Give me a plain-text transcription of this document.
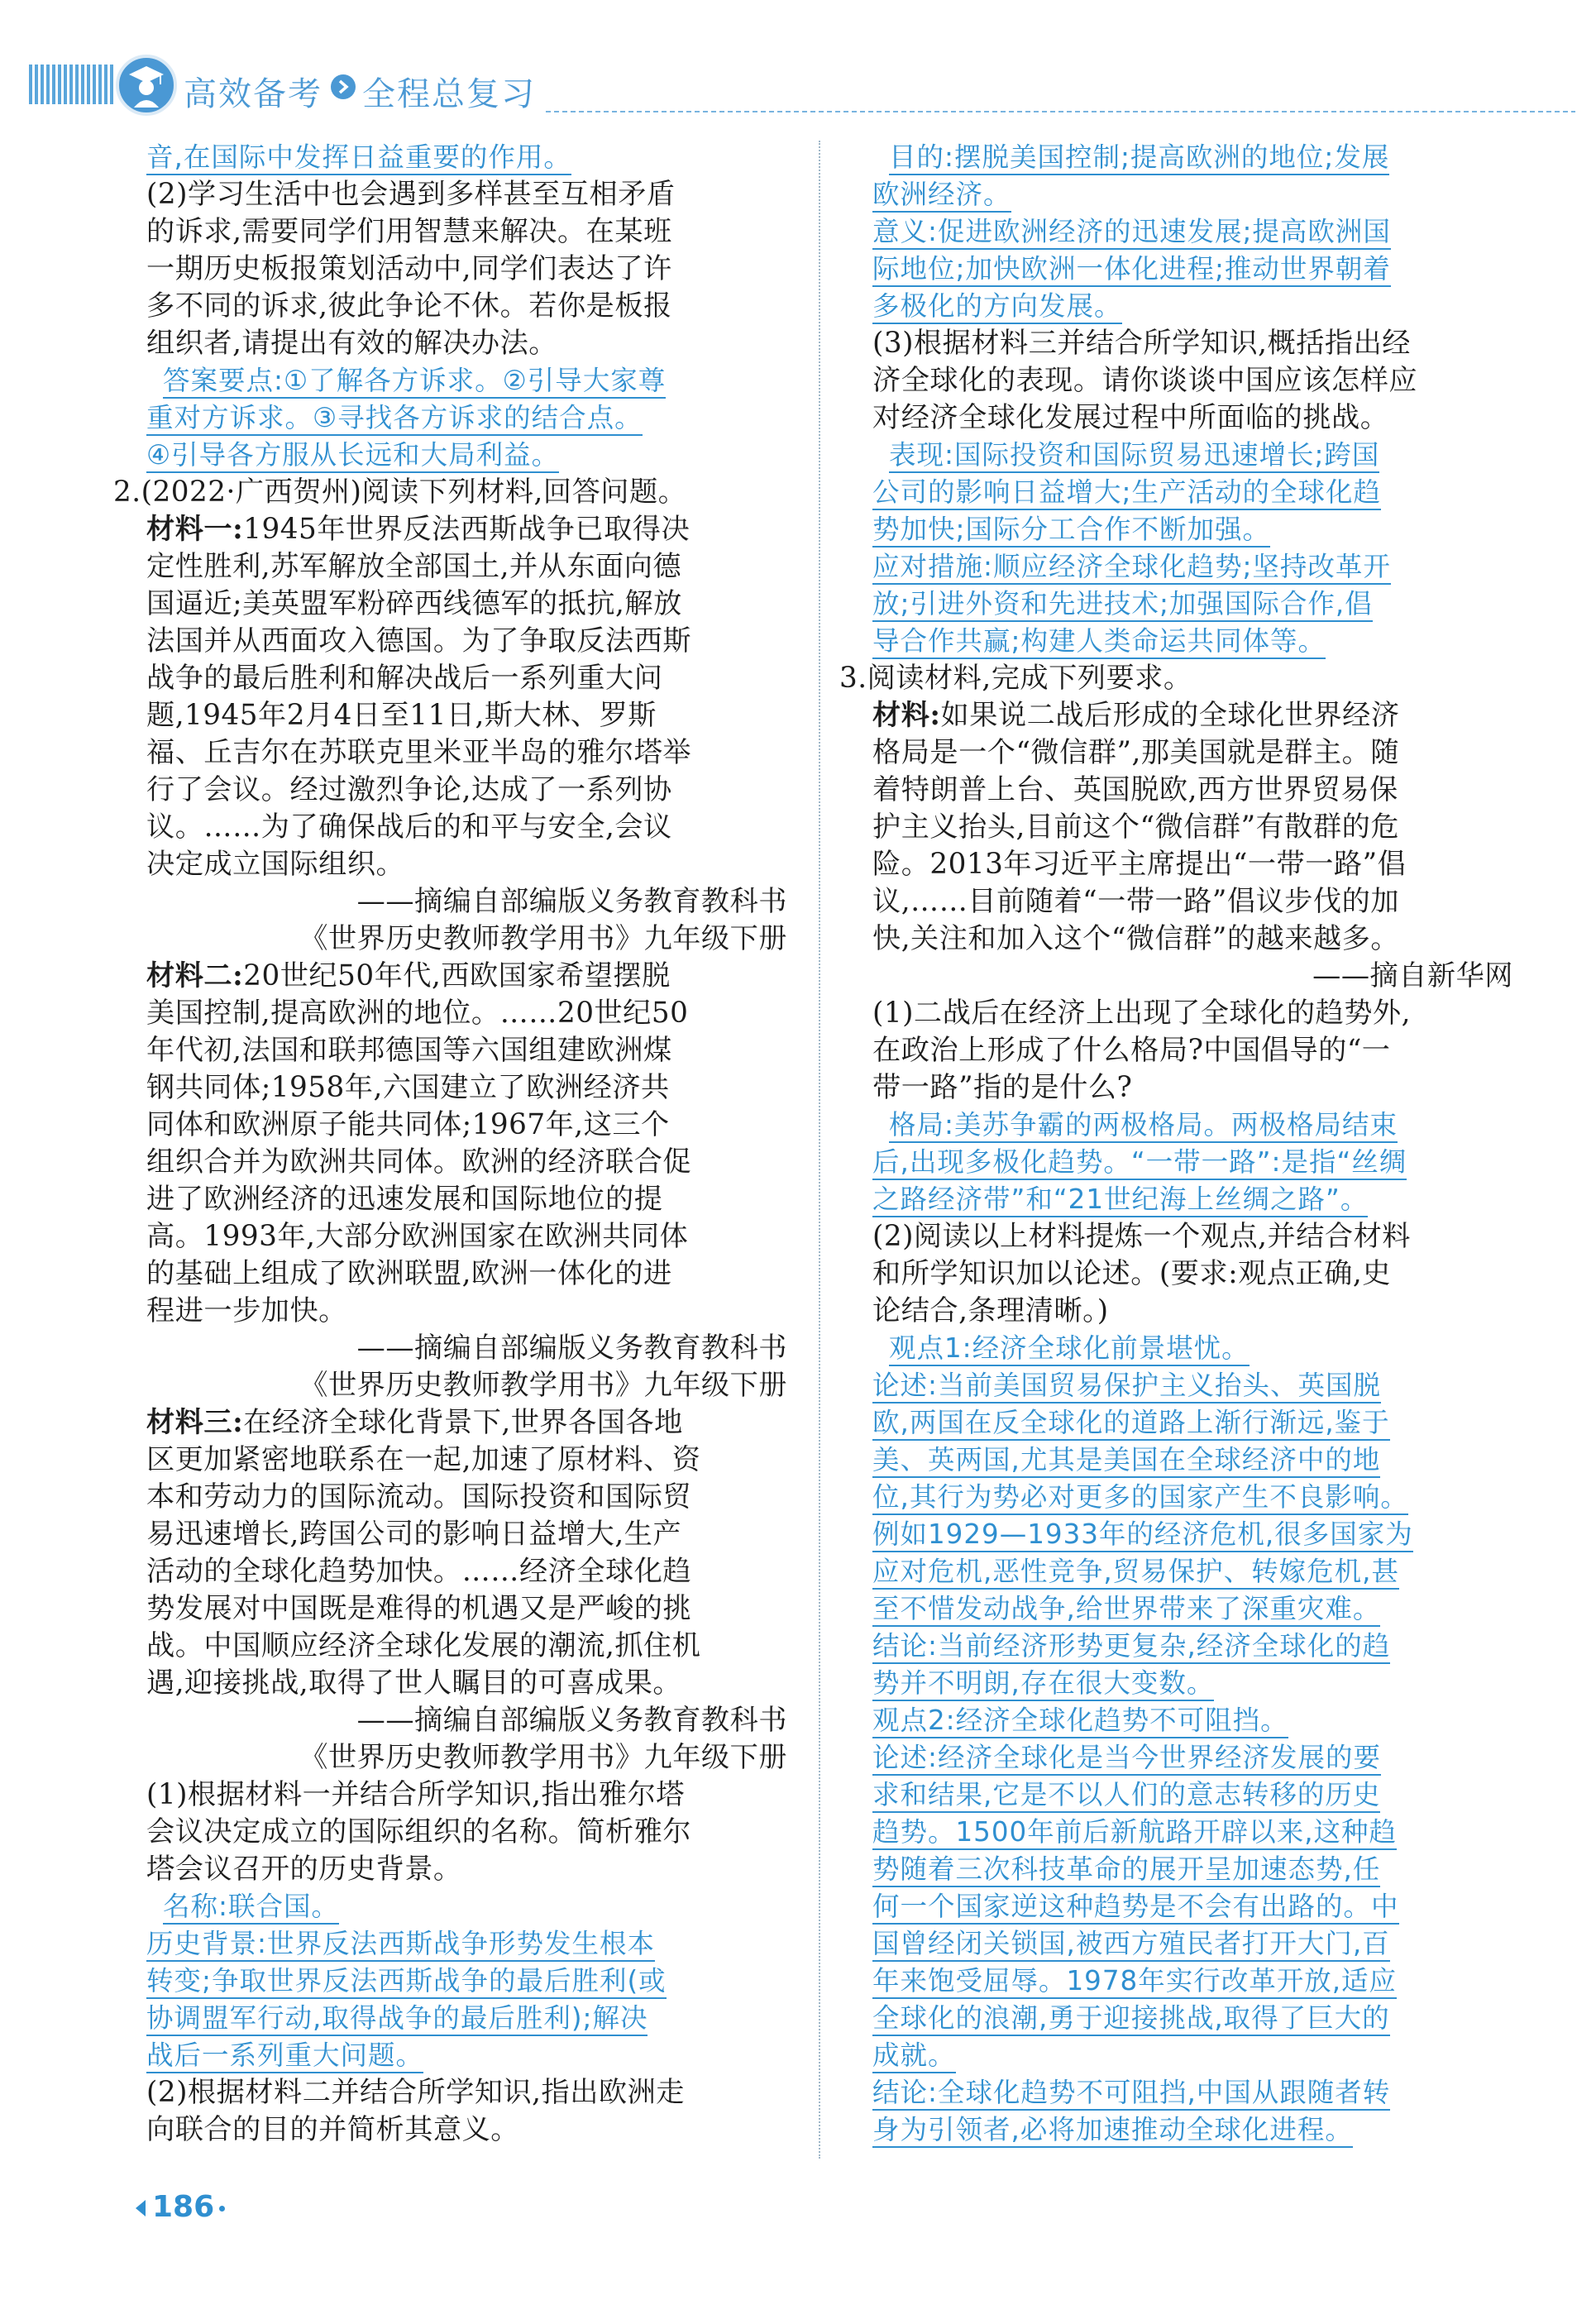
高效备考 全程总复习

音,在国际中发挥日益重要的作用。

(2)学习生活中也会遇到多样甚至互相矛盾

的诉求,需要同学们用智慧来解决。在某班

一期历史板报策划活动中,同学们表达了许

多不同的诉求,彼此争论不休。若你是板报

组织者,请提出有效的解决办法。

答案要点:①了解各方诉求。②引导大家尊

重对方诉求。③寻找各方诉求的结合点。

④引导各方服从长远和大局利益。

2.(2022·广西贺州)阅读下列材料,回答问题。

材料一:1945年世界反法西斯战争已取得决

定性胜利,苏军解放全部国土,并从东面向德

国逼近;美英盟军粉碎西线德军的抵抗,解放

法国并从西面攻入德国。为了争取反法西斯

战争的最后胜利和解决战后一系列重大问

题,1945年2月4日至11日,斯大林、罗斯

福、丘吉尔在苏联克里米亚半岛的雅尔塔举

行了会议。经过激烈争论,达成了一系列协

议。……为了确保战后的和平与安全,会议

决定成立国际组织。

——摘编自部编版义务教育教科书

《世界历史教师教学用书》九年级下册

材料二:20世纪50年代,西欧国家希望摆脱

美国控制,提高欧洲的地位。……20世纪50

年代初,法国和联邦德国等六国组建欧洲煤

钢共同体;1958年,六国建立了欧洲经济共

同体和欧洲原子能共同体;1967年,这三个

组织合并为欧洲共同体。欧洲的经济联合促

进了欧洲经济的迅速发展和国际地位的提

高。1993年,大部分欧洲国家在欧洲共同体

的基础上组成了欧洲联盟,欧洲一体化的进

程进一步加快。

——摘编自部编版义务教育教科书

《世界历史教师教学用书》九年级下册

材料三:在经济全球化背景下,世界各国各地

区更加紧密地联系在一起,加速了原材料、资

本和劳动力的国际流动。国际投资和国际贸

易迅速增长,跨国公司的影响日益增大,生产

活动的全球化趋势加快。……经济全球化趋

势发展对中国既是难得的机遇又是严峻的挑

战。中国顺应经济全球化发展的潮流,抓住机

遇,迎接挑战,取得了世人瞩目的可喜成果。

——摘编自部编版义务教育教科书

《世界历史教师教学用书》九年级下册

(1)根据材料一并结合所学知识,指出雅尔塔

会议决定成立的国际组织的名称。简析雅尔

塔会议召开的历史背景。

名称:联合国。

历史背景:世界反法西斯战争形势发生根本

转变;争取世界反法西斯战争的最后胜利(或

协调盟军行动,取得战争的最后胜利);解决

战后一系列重大问题。

(2)根据材料二并结合所学知识,指出欧洲走

向联合的目的并简析其意义。

目的:摆脱美国控制;提高欧洲的地位;发展

欧洲经济。

意义:促进欧洲经济的迅速发展;提高欧洲国

际地位;加快欧洲一体化进程;推动世界朝着

多极化的方向发展。

(3)根据材料三并结合所学知识,概括指出经

济全球化的表现。请你谈谈中国应该怎样应

对经济全球化发展过程中所面临的挑战。

表现:国际投资和国际贸易迅速增长;跨国

公司的影响日益增大;生产活动的全球化趋

势加快;国际分工合作不断加强。

应对措施:顺应经济全球化趋势;坚持改革开

放;引进外资和先进技术;加强国际合作,倡

导合作共赢;构建人类命运共同体等。

3.阅读材料,完成下列要求。

材料:如果说二战后形成的全球化世界经济

格局是一个“微信群”,那美国就是群主。随

着特朗普上台、英国脱欧,西方世界贸易保

护主义抬头,目前这个“微信群”有散群的危

险。2013年习近平主席提出“一带一路”倡

议,……目前随着“一带一路”倡议步伐的加

快,关注和加入这个“微信群”的越来越多。

——摘自新华网

(1)二战后在经济上出现了全球化的趋势外,

在政治上形成了什么格局?中国倡导的“一

带一路”指的是什么?

格局:美苏争霸的两极格局。两极格局结束

后,出现多极化趋势。“一带一路”:是指“丝绸

之路经济带”和“21世纪海上丝绸之路”。

(2)阅读以上材料提炼一个观点,并结合材料

和所学知识加以论述。(要求:观点正确,史

论结合,条理清晰。)

观点1:经济全球化前景堪忧。

论述:当前美国贸易保护主义抬头、英国脱

欧,两国在反全球化的道路上渐行渐远,鉴于

美、英两国,尤其是美国在全球经济中的地

位,其行为势必对更多的国家产生不良影响。

例如1929—1933年的经济危机,很多国家为

应对危机,恶性竞争,贸易保护、转嫁危机,甚

至不惜发动战争,给世界带来了深重灾难。

结论:当前经济形势更复杂,经济全球化的趋

势并不明朗,存在很大变数。

观点2:经济全球化趋势不可阻挡。

论述:经济全球化是当今世界经济发展的要

求和结果,它是不以人们的意志转移的历史

趋势。1500年前后新航路开辟以来,这种趋

势随着三次科技革命的展开呈加速态势,任

何一个国家逆这种趋势是不会有出路的。中

国曾经闭关锁国,被西方殖民者打开大门,百

年来饱受屈辱。1978年实行改革开放,适应

全球化的浪潮,勇于迎接挑战,取得了巨大的

成就。

结论:全球化趋势不可阻挡,中国从跟随者转

身为引领者,必将加速推动全球化进程。

186
